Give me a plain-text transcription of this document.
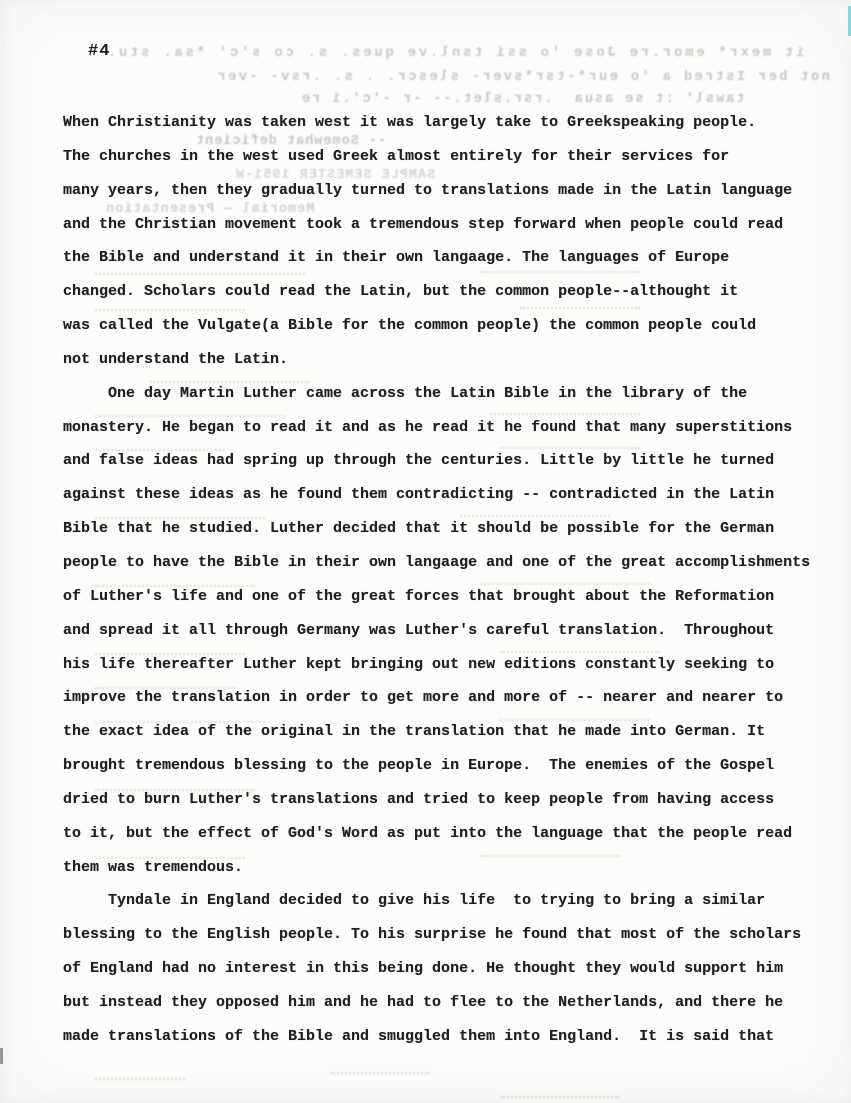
#4
it mexr* emor.re Jose 'o ssi tsnl.ve ques. s. co s'c' *sa. stu.
not ber Istred a 'o eur*-tsr*sver- slescr. . s. .rsv- -ver
tawsl' :t se asua  .rsr.slet.-- -r -'c'.i re
-- Somewhat deficient
SAMPLE SEMESTER 1951-W
Memorial — Presentation
When Christianity was taken west it was largely take to Greekspeaking people.
The churches in the west used Greek almost entirely for their services for
many years, then they gradually turned to translations made in the Latin language
and the Christian movement took a tremendous step forward when people could read
the Bible and understand it in their own langaage. The languages of Europe
changed. Scholars could read the Latin, but the common people--althought it
was called the Vulgate(a Bible for the common people) the common people could
not understand the Latin.
One day Martin Luther came across the Latin Bible in the library of the
monastery. He began to read it and as he read it he found that many superstitions
and false ideas had spring up through the centuries. Little by little he turned
against these ideas as he found them contradicting -- contradicted in the Latin
Bible that he studied. Luther decided that it should be possible for the German
people to have the Bible in their own langaage and one of the great accomplishments
of Luther's life and one of the great forces that brought about the Reformation
and spread it all through Germany was Luther's careful translation.  Throughout
his life thereafter Luther kept bringing out new editions constantly seeking to
improve the translation in order to get more and more of -- nearer and nearer to
the exact idea of the original in the translation that he made into German. It
brought tremendous blessing to the people in Europe.  The enemies of the Gospel
dried to burn Luther's translations and tried to keep people from having access
to it, but the effect of God's Word as put into the language that the people read
them was tremendous.
Tyndale in England decided to give his life  to trying to bring a similar
blessing to the English people. To his surprise he found that most of the scholars
of England had no interest in this being done. He thought they would support him
but instead they opposed him and he had to flee to the Netherlands, and there he
made translations of the Bible and smuggled them into England.  It is said that
